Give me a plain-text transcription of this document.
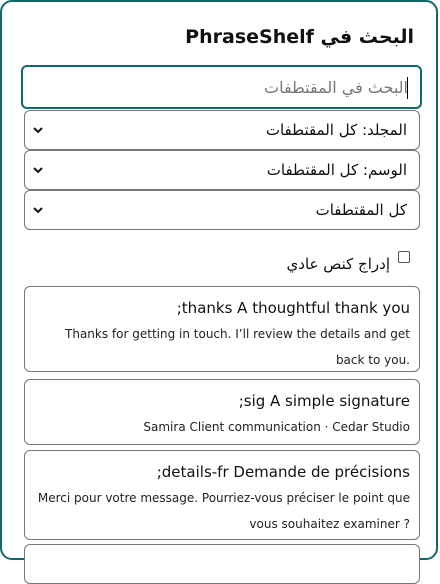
البحث في PhraseShelf
البحث في المقتطفات
المجلد: كل المقتطفات
الوسم: كل المقتطفات
كل المقتطفات
إدراج كنص عادي
;thanks A thoughtful thank you
Thanks for getting in touch. I’ll review the details and get back to you.
;sig A simple signature
Samira Client communication · Cedar Studio
;details-fr Demande de précisions
Merci pour votre message. Pourriez-vous préciser le point que vous souhaitez examiner ?
